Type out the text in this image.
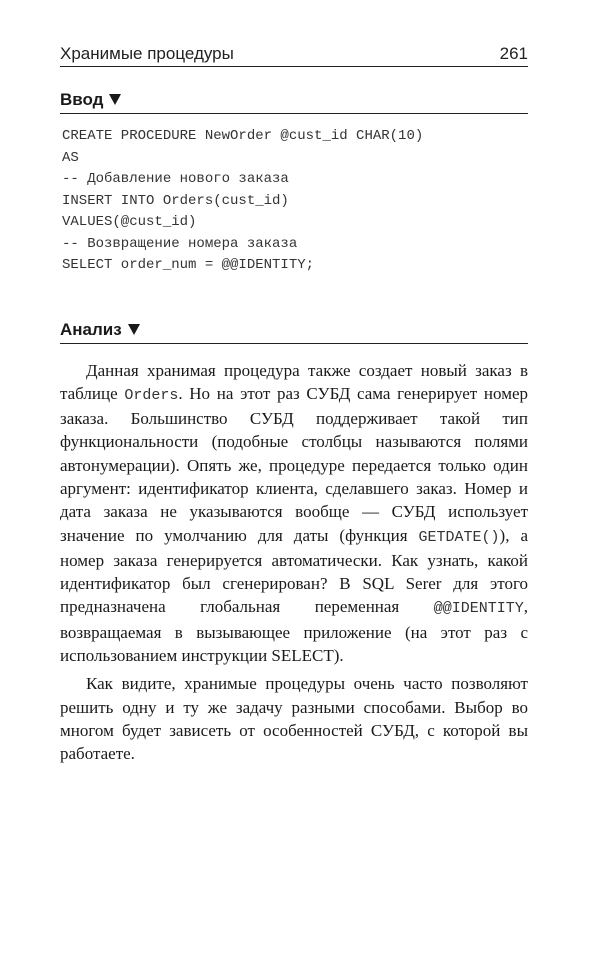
Хранимые процедуры	261
Ввод
CREATE PROCEDURE NewOrder @cust_id CHAR(10)
AS
-- Добавление нового заказа
INSERT INTO Orders(cust_id)
VALUES(@cust_id)
-- Возвращение номера заказа
SELECT order_num = @@IDENTITY;
Анализ

Данная хранимая процедура также создает новый заказ в таблице Orders. Но на этот раз СУБД сама генерирует номер заказа. Большинство СУБД поддерживает такой тип функциональности (подобные столбцы называются полями автонумерации). Опять же, процедуре передается только один аргумент: идентификатор клиента, сделавшего заказ. Номер и дата заказа не указываются вообще — СУБД использует значение по умолчанию для даты (функция GETDATE()), а номер заказа генерируется автоматически. Как узнать, какой идентификатор был сгенерирован? В SQL Serer для этого предназначена глобальная переменная @@IDENTITY, возвращаемая в вызывающее приложение (на этот раз с использованием инструкции SELECT).

Как видите, хранимые процедуры очень часто позволяют решить одну и ту же задачу разными способами. Выбор во многом будет зависеть от особенностей СУБД, с которой вы работаете.
